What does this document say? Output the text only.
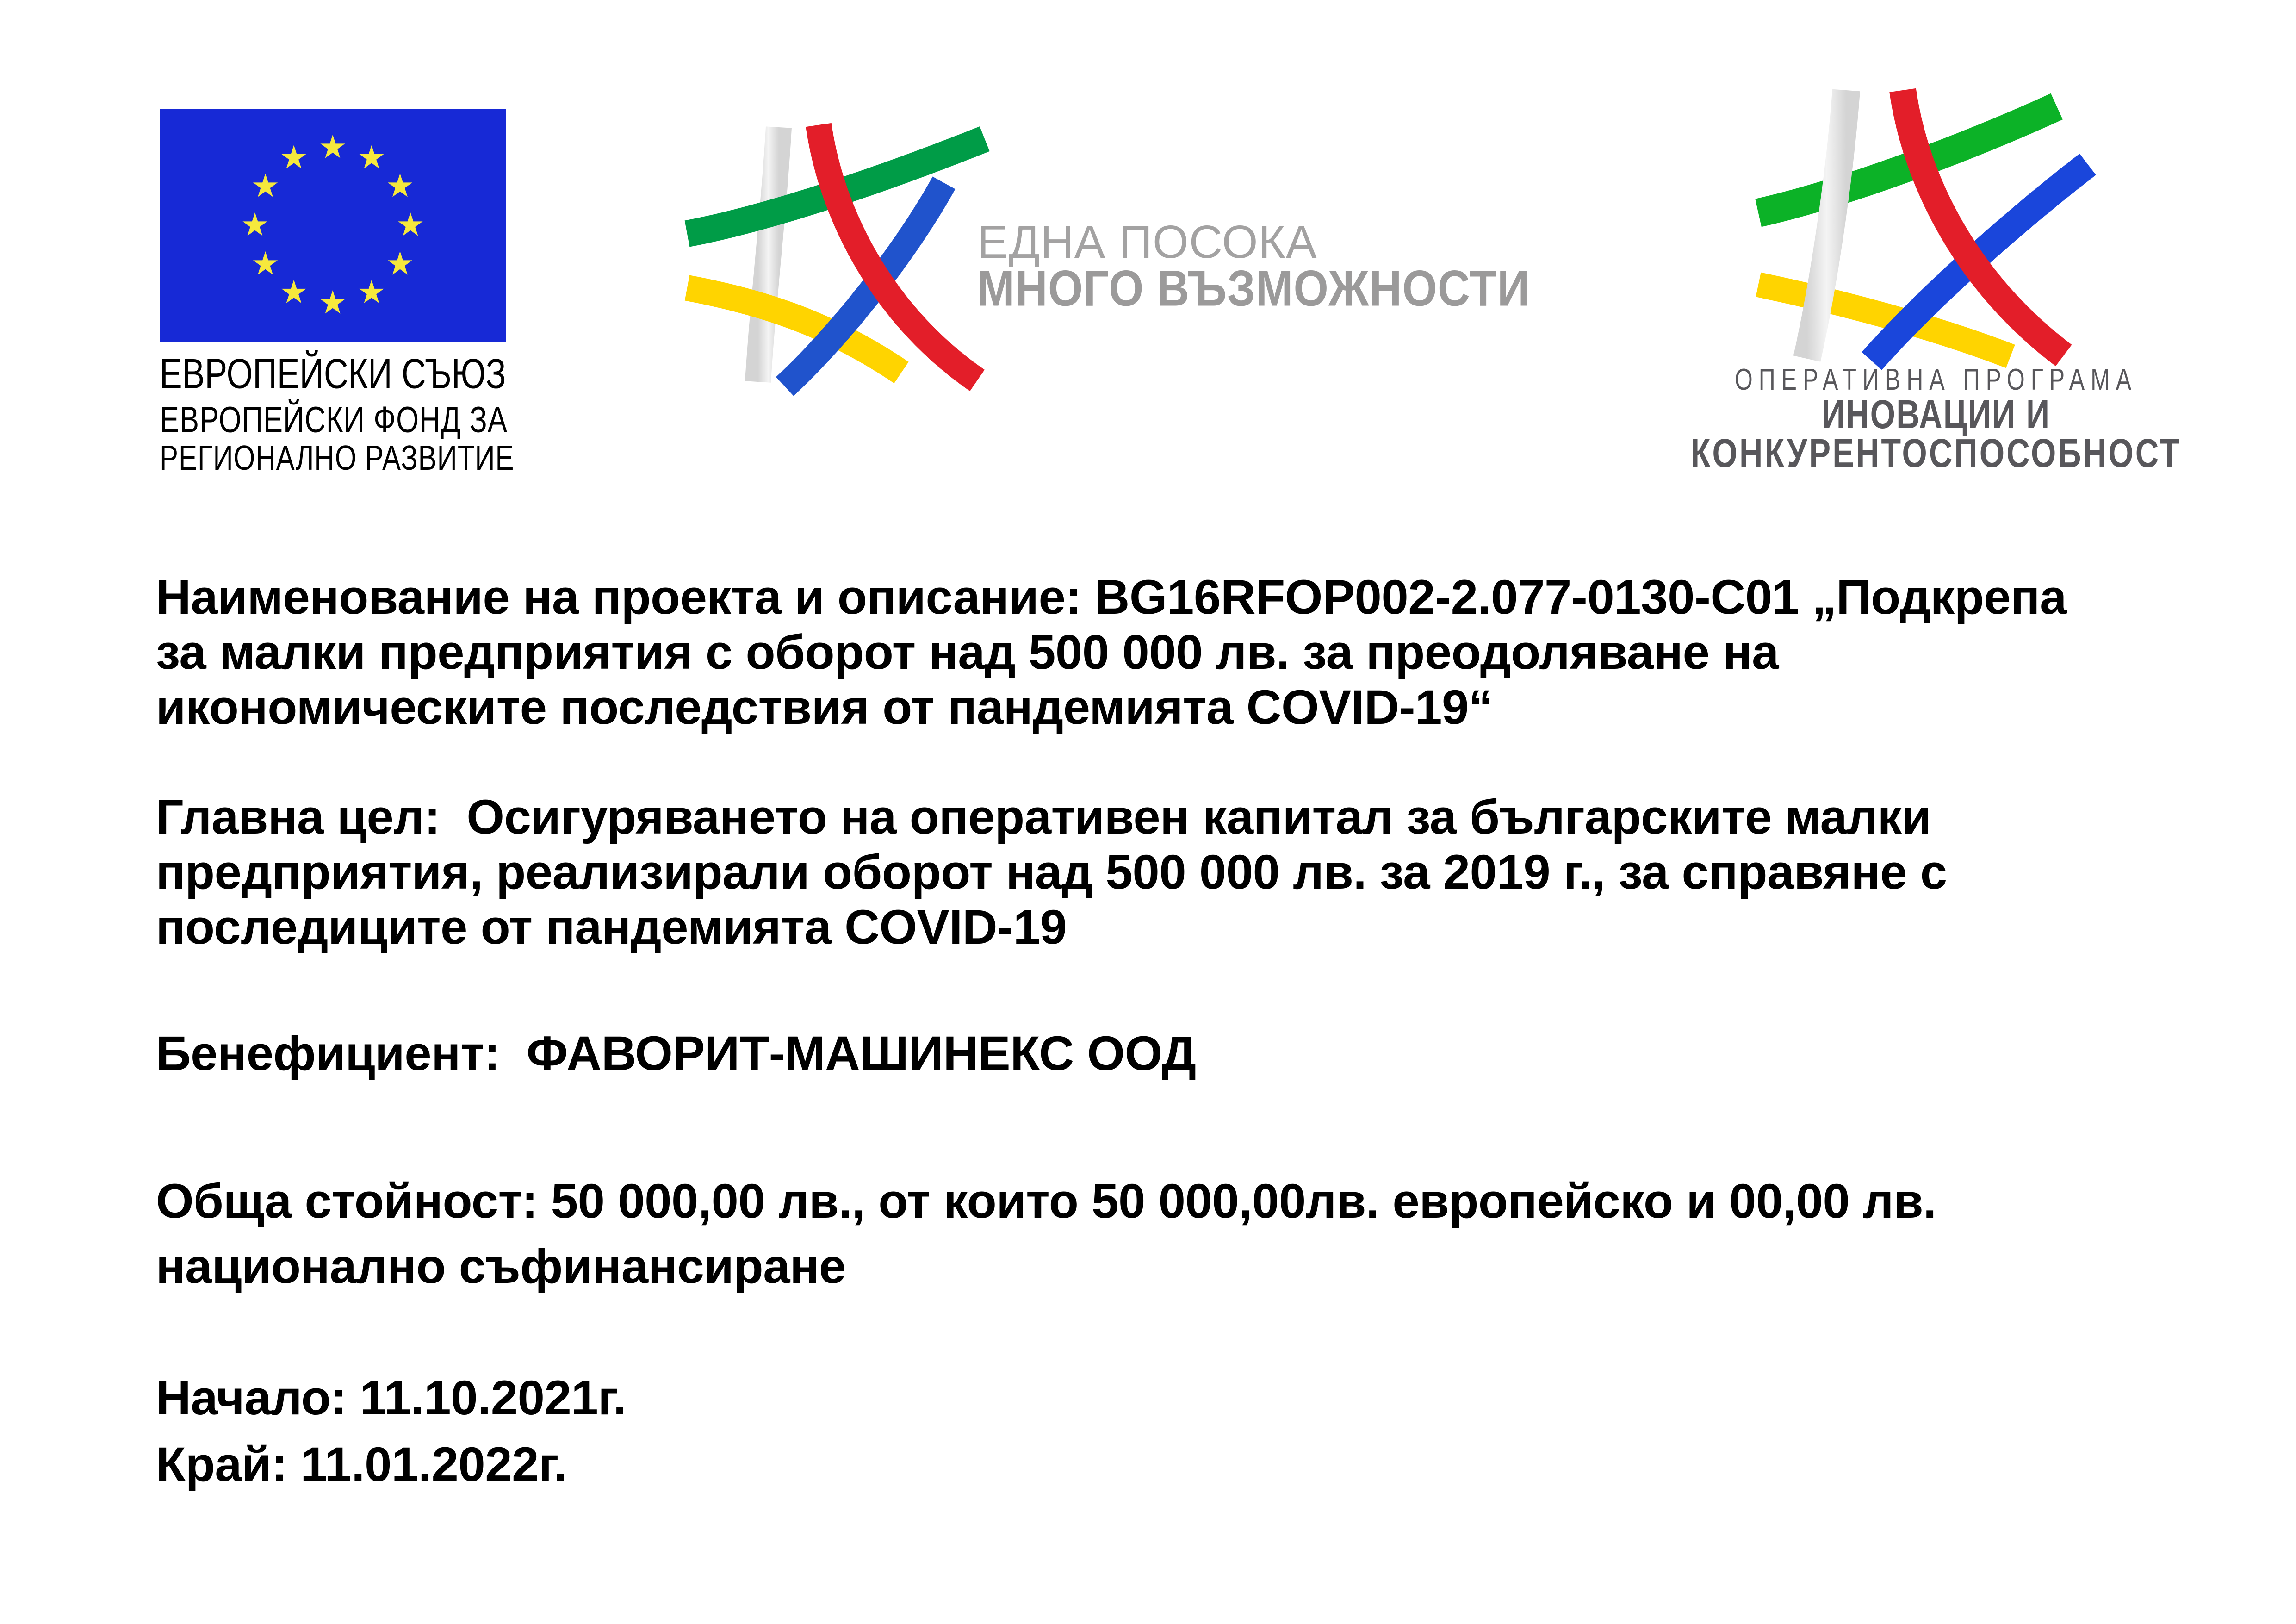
ЕВРОПЕЙСКИ СЪЮЗ
ЕВРОПЕЙСКИ ФОНД ЗА
РЕГИОНАЛНО РАЗВИТИЕ
ЕДНА ПОСОКА
МНОГО ВЪЗМОЖНОСТИ
ОПЕРАТИВНА ПРОГРАМА
ИНОВАЦИИ И
КОНКУРЕНТОСПОСОБНОСТ
Наименование на проекта и описание: BG16RFOP002-2.077-0130-C01 „Подкрепа
за малки предприятия с оборот над 500 000 лв. за преодоляване на
икономическите последствия от пандемията COVID-19“
Главна цел:  Осигуряването на оперативен капитал за българските малки
предприятия, реализирали оборот над 500 000 лв. за 2019 г., за справяне с
последиците от пандемията COVID-19
Бенефициент:  ФАВОРИТ-МАШИНЕКС ООД
Обща стойност: 50 000,00 лв., от които 50 000,00лв. европейско и 00,00 лв.
национално съфинансиране
Начало: 11.10.2021г.
Край: 11.01.2022г.
